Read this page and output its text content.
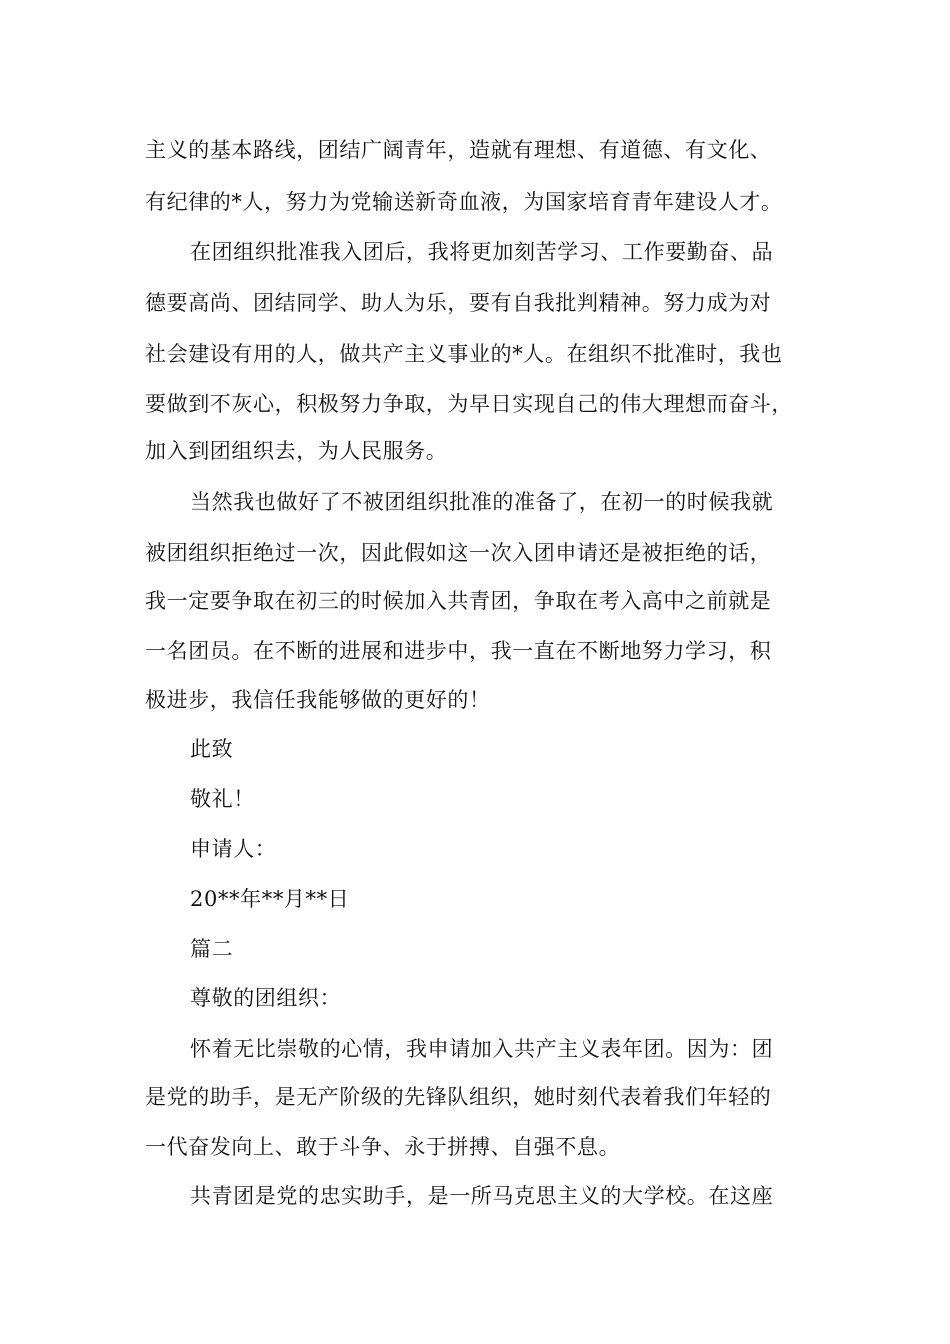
主义的基本路线，团结广阔青年，造就有理想、有道德、有文化、

有纪律的*人，努力为党输送新奇血液，为国家培育青年建设人才。

在团组织批准我入团后，我将更加刻苦学习、工作要勤奋、品

德要高尚、团结同学、助人为乐，要有自我批判精神。努力成为对

社会建设有用的人，做共产主义事业的*人。在组织不批准时，我也

要做到不灰心，积极努力争取，为早日实现自己的伟大理想而奋斗，

加入到团组织去，为人民服务。

当然我也做好了不被团组织批准的准备了，在初一的时候我就

被团组织拒绝过一次，因此假如这一次入团申请还是被拒绝的话，

我一定要争取在初三的时候加入共青团，争取在考入高中之前就是

一名团员。在不断的进展和进步中，我一直在不断地努力学习，积

极进步，我信任我能够做的更好的！

此致

敬礼！

申请人：

20**年**月**日

篇二

尊敬的团组织：

怀着无比崇敬的心情，我申请加入共产主义表年团。因为：团

是党的助手，是无产阶级的先锋队组织，她时刻代表着我们年轻的

一代奋发向上、敢于斗争、永于拼搏、自强不息。

共青团是党的忠实助手，是一所马克思主义的大学校。在这座
